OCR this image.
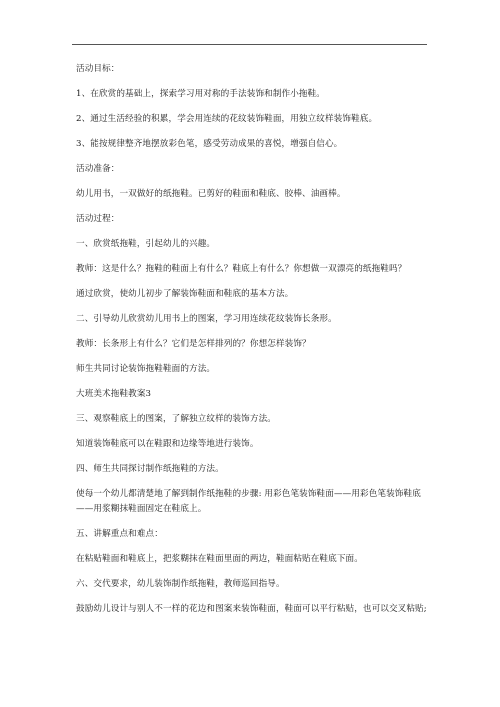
活动目标：
1、在欣赏的基础上，探索学习用对称的手法装饰和制作小拖鞋。
2、通过生活经验的积累，学会用连续的花纹装饰鞋面，用独立纹样装饰鞋底。
3、能按规律整齐地摆放彩色笔，感受劳动成果的喜悦，增强自信心。
活动准备：
幼儿用书，一双做好的纸拖鞋。已剪好的鞋面和鞋底、胶棒、油画棒。
活动过程：
一、欣赏纸拖鞋，引起幼儿的兴趣。
教师：这是什么？拖鞋的鞋面上有什么？鞋底上有什么？你想做一双漂亮的纸拖鞋吗？
通过欣赏，使幼儿初步了解装饰鞋面和鞋底的基本方法。
二、引导幼儿欣赏幼儿用书上的图案，学习用连续花纹装饰长条形。
教师：长条形上有什么？它们是怎样排列的？你想怎样装饰？
师生共同讨论装饰拖鞋鞋面的方法。
大班美术拖鞋教案3
三、观察鞋底上的图案，了解独立纹样的装饰方法。
知道装饰鞋底可以在鞋跟和边缘等地进行装饰。
四、师生共同探讨制作纸拖鞋的方法。
使每一个幼儿都清楚地了解到制作纸拖鞋的步骤: 用彩色笔装饰鞋面——用彩色笔装饰鞋底
——用浆糊抹鞋面固定在鞋底上。
五、讲解重点和难点：
在粘贴鞋面和鞋底上，把浆糊抹在鞋面里面的两边，鞋面粘贴在鞋底下面。
六、交代要求，幼儿装饰制作纸拖鞋，教师巡回指导。
鼓励幼儿设计与别人不一样的花边和图案来装饰鞋面，鞋面可以平行粘贴，也可以交叉粘贴;
